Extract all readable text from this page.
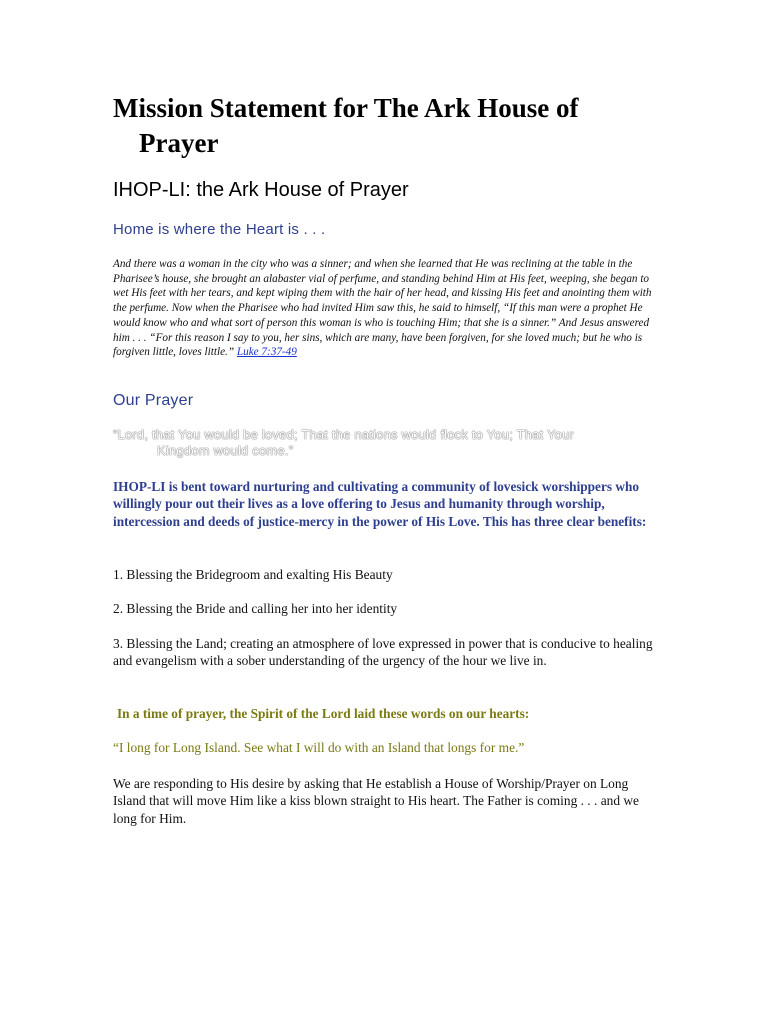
Mission Statement for The Ark House of
Prayer
IHOP-LI: the Ark House of Prayer
Home is where the Heart is . . .

And there was a woman in the city who was a sinner; and when she learned that He was reclining at the table in the Pharisee’s house, she brought an alabaster vial of perfume, and standing behind Him at His feet, weeping, she began to wet His feet with her tears, and kept wiping them with the hair of her head, and kissing His feet and anointing them with the perfume. Now when the Pharisee who had invited Him saw this, he said to himself, “If this man were a prophet He would know who and what sort of person this woman is who is touching Him; that she is a sinner.” And Jesus answered him . . . “For this reason I say to you, her sins, which are many, have been forgiven, for she loved much; but he who is forgiven little, loves little.” Luke 7:37-49

Our Prayer

“Lord, that You would be loved; That the nations would flock to You; That Your
Kingdom would come.”

IHOP-LI is bent toward nurturing and cultivating a community of lovesick worshippers who willingly pour out their lives as a love offering to Jesus and humanity through worship, intercession and deeds of justice-mercy in the power of His Love. This has three clear benefits:

1. Blessing the Bridegroom and exalting His Beauty

2. Blessing the Bride and calling her into her identity

3. Blessing the Land; creating an atmosphere of love expressed in power that is conducive to healing and evangelism with a sober understanding of the urgency of the hour we live in.

In a time of prayer, the Spirit of the Lord laid these words on our hearts:

“I long for Long Island. See what I will do with an Island that longs for me.”

We are responding to His desire by asking that He establish a House of Worship/Prayer on Long Island that will move Him like a kiss blown straight to His heart. The Father is coming . . . and we long for Him.
